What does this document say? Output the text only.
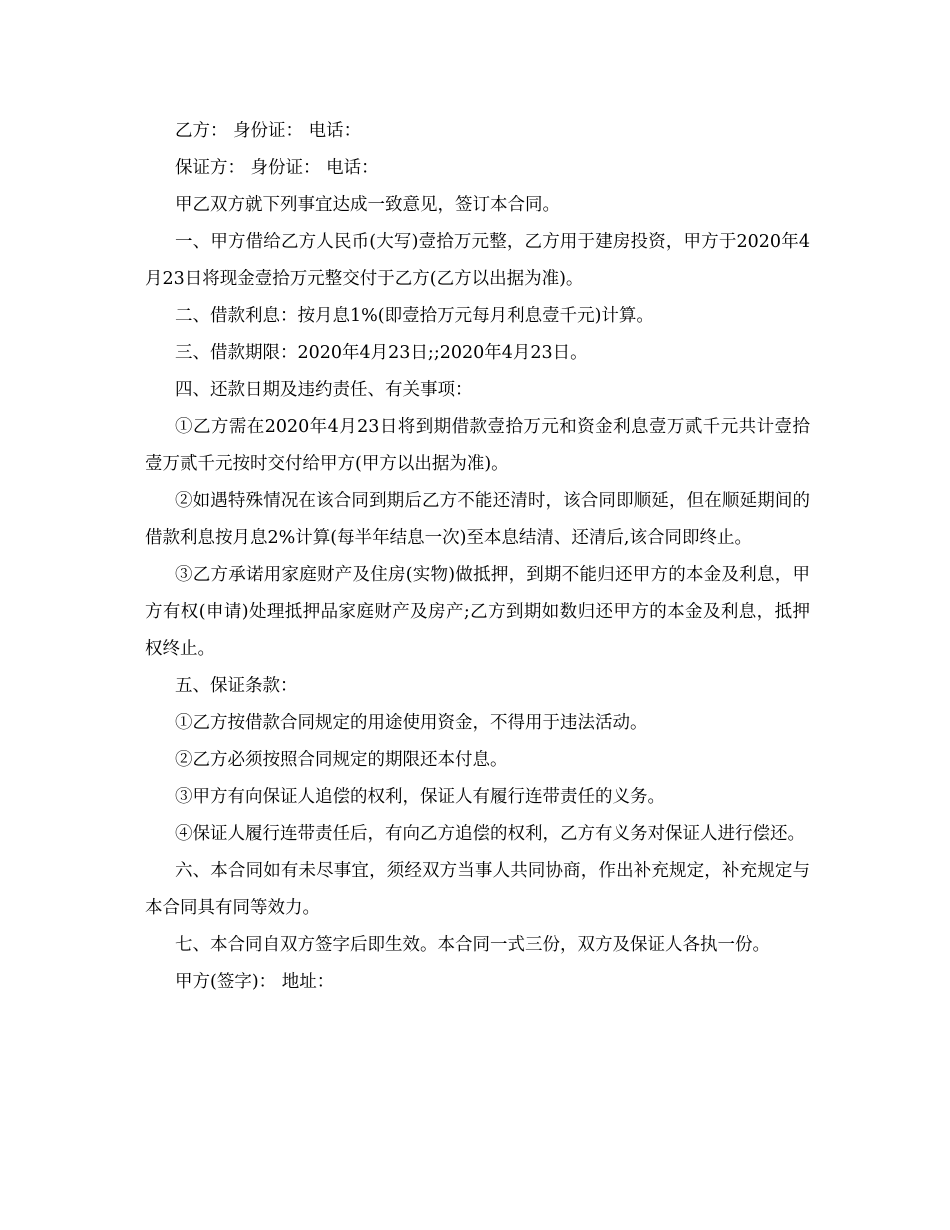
乙方： 身份证： 电话：

保证方： 身份证： 电话：

甲乙双方就下列事宜达成一致意见，签订本合同。

一、甲方借给乙方人民币(大写)壹拾万元整，乙方用于建房投资，甲方于2020年4月23日将现金壹拾万元整交付于乙方(乙方以出据为准)。

二、借款利息：按月息1%(即壹拾万元每月利息壹千元)计算。

三、借款期限：2020年4月23日;;2020年4月23日。

四、还款日期及违约责任、有关事项：

①乙方需在2020年4月23日将到期借款壹拾万元和资金利息壹万贰千元共计壹拾壹万贰千元按时交付给甲方(甲方以出据为准)。

②如遇特殊情况在该合同到期后乙方不能还清时，该合同即顺延，但在顺延期间的借款利息按月息2%计算(每半年结息一次)至本息结清、还清后,该合同即终止。

③乙方承诺用家庭财产及住房(实物)做抵押，到期不能归还甲方的本金及利息，甲方有权(申请)处理抵押品家庭财产及房产;乙方到期如数归还甲方的本金及利息，抵押权终止。

五、保证条款：

①乙方按借款合同规定的用途使用资金，不得用于违法活动。

②乙方必须按照合同规定的期限还本付息。

③甲方有向保证人追偿的权利，保证人有履行连带责任的义务。

④保证人履行连带责任后，有向乙方追偿的权利，乙方有义务对保证人进行偿还。

六、本合同如有未尽事宜，须经双方当事人共同协商，作出补充规定，补充规定与本合同具有同等效力。

七、本合同自双方签字后即生效。本合同一式三份，双方及保证人各执一份。

甲方(签字)： 地址：
